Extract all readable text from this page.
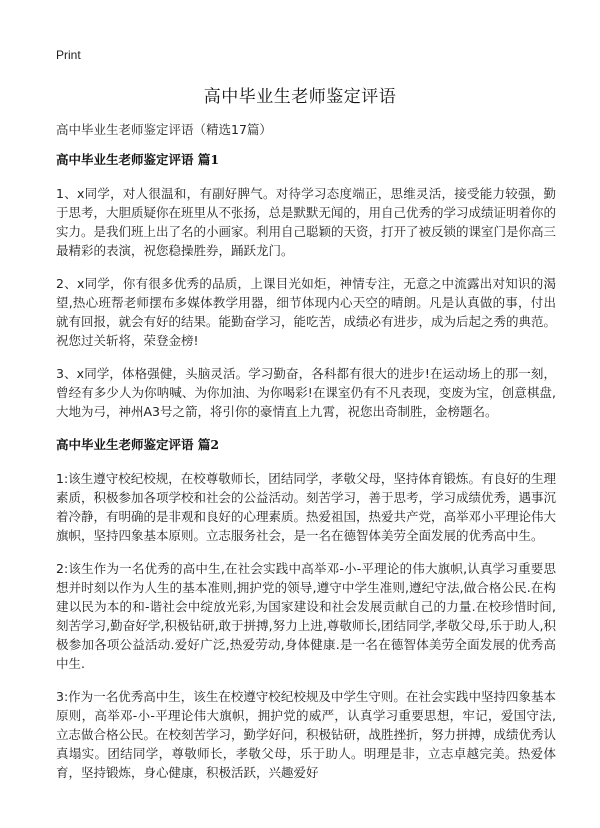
Print
高中毕业生老师鉴定评语
高中毕业生老师鉴定评语（精选17篇）
高中毕业生老师鉴定评语 篇1

1、x同学，对人很温和，有副好脾气。对待学习态度端正，思维灵活，接受能力较强，勤于思考，大胆质疑你在班里从不张扬，总是默默无闻的，用自己优秀的学习成绩证明着你的实力。是我们班上出了名的小画家。利用自己聪颖的天资，打开了被反锁的课室门是你高三最精彩的表演，祝您稳操胜券，踊跃龙门。

2、x同学，你有很多优秀的品质，上课目光如炬，神情专注，无意之中流露出对知识的渴望,热心班帮老师摆布多媒体教学用器，细节体现内心天空的晴朗。凡是认真做的事，付出就有回报，就会有好的结果。能勤奋学习，能吃苦，成绩必有进步，成为后起之秀的典范。祝您过关斩将，荣登金榜!

3、x同学，体格强健，头脑灵活。学习勤奋，各科都有很大的进步!在运动场上的那一刻，曾经有多少人为你呐喊、为你加油、为你喝彩!在课室仍有不凡表现，变废为宝，创意棋盘,大地为弓，神州A3号之箭，将引你的豪情直上九霄，祝您出奇制胜，金榜题名。

高中毕业生老师鉴定评语 篇2

1:该生遵守校纪校规，在校尊敬师长，团结同学，孝敬父母，坚持体育锻炼。有良好的生理素质，积极参加各项学校和社会的公益活动。刻苦学习，善于思考，学习成绩优秀，遇事沉着冷静，有明确的是非观和良好的心理素质。热爱祖国，热爱共产党，高举邓小平理论伟大旗帜，坚持四象基本原则。立志服务社会，是一名在德智体美劳全面发展的优秀高中生。

2:该生作为一名优秀的高中生,在社会实践中高举邓-小-平理论的伟大旗帜,认真学习重要思想并时刻以作为人生的基本准则,拥护党的领导,遵守中学生准则,遵纪守法,做合格公民.在构建以民为本的和-谐社会中绽放光彩,为国家建设和社会发展贡献自己的力量.在校珍惜时间,刻苦学习,勤奋好学,积极钻研,敢于拼搏,努力上进,尊敬师长,团结同学,孝敬父母,乐于助人,积极参加各项公益活动.爱好广泛,热爱劳动,身体健康.是一名在德智体美劳全面发展的优秀高中生.

3:作为一名优秀高中生，该生在校遵守校纪校规及中学生守则。在社会实践中坚持四象基本原则，高举邓-小-平理论伟大旗帜，拥护党的威严，认真学习重要思想，牢记，爱国守法,立志做合格公民。在校刻苦学习，勤学好问，积极钻研，战胜挫折，努力拼搏，成绩优秀认真塌实。团结同学，尊敬师长，孝敬父母，乐于助人。明理是非，立志卓越完美。热爱体育，坚持锻炼，身心健康，积极活跃，兴趣爱好
